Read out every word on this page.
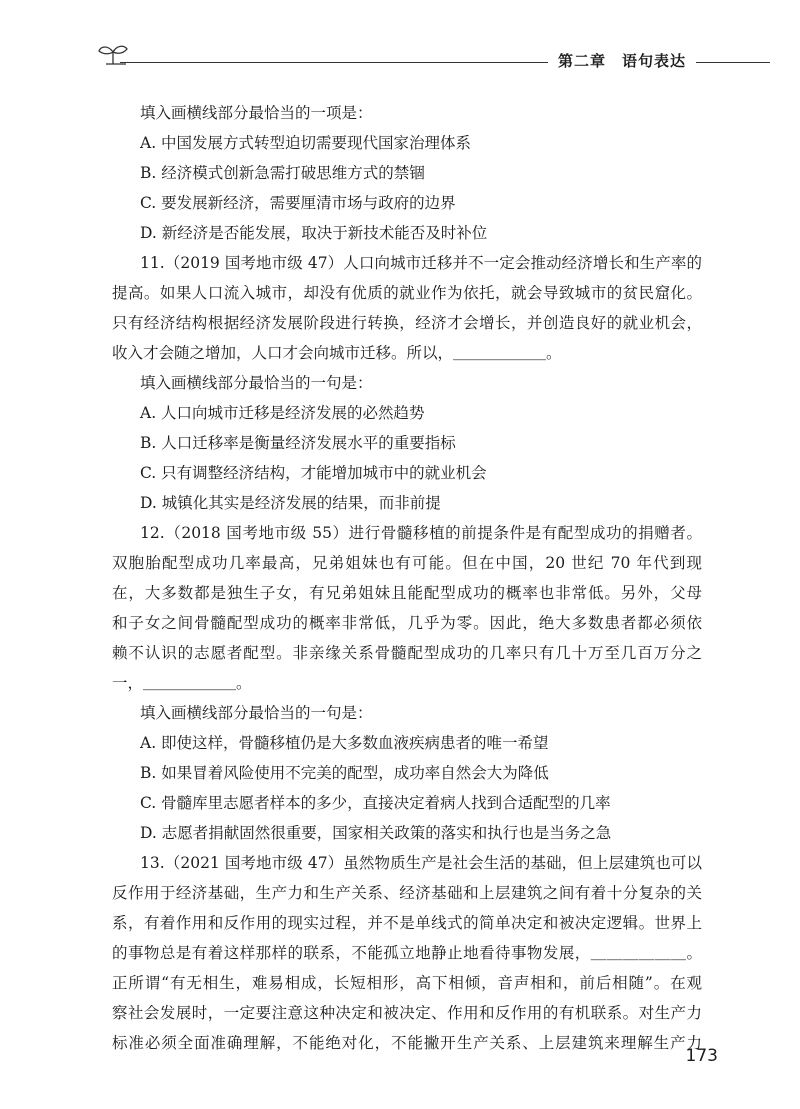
第二章　语句表达
填入画横线部分最恰当的一项是：
A. 中国发展方式转型迫切需要现代国家治理体系
B. 经济模式创新急需打破思维方式的禁锢
C. 要发展新经济，需要厘清市场与政府的边界
D. 新经济是否能发展，取决于新技术能否及时补位
11.（2019 国考地市级 47）人口向城市迁移并不一定会推动经济增长和生产率的
提高。如果人口流入城市，却没有优质的就业作为依托，就会导致城市的贫民窟化。
只有经济结构根据经济发展阶段进行转换，经济才会增长，并创造良好的就业机会，
收入才会随之增加，人口才会向城市迁移。所以，＿＿＿＿＿＿。
填入画横线部分最恰当的一句是：
A. 人口向城市迁移是经济发展的必然趋势
B. 人口迁移率是衡量经济发展水平的重要指标
C. 只有调整经济结构，才能增加城市中的就业机会
D. 城镇化其实是经济发展的结果，而非前提
12.（2018 国考地市级 55）进行骨髓移植的前提条件是有配型成功的捐赠者。
双胞胎配型成功几率最高，兄弟姐妹也有可能。但在中国，20 世纪 70 年代到现
在，大多数都是独生子女，有兄弟姐妹且能配型成功的概率也非常低。另外，父母
和子女之间骨髓配型成功的概率非常低，几乎为零。因此，绝大多数患者都必须依
赖不认识的志愿者配型。非亲缘关系骨髓配型成功的几率只有几十万至几百万分之
一，＿＿＿＿＿＿。
填入画横线部分最恰当的一句是：
A. 即使这样，骨髓移植仍是大多数血液疾病患者的唯一希望
B. 如果冒着风险使用不完美的配型，成功率自然会大为降低
C. 骨髓库里志愿者样本的多少，直接决定着病人找到合适配型的几率
D. 志愿者捐献固然很重要，国家相关政策的落实和执行也是当务之急
13.（2021 国考地市级 47）虽然物质生产是社会生活的基础，但上层建筑也可以
反作用于经济基础，生产力和生产关系、经济基础和上层建筑之间有着十分复杂的关
系，有着作用和反作用的现实过程，并不是单线式的简单决定和被决定逻辑。世界上
的事物总是有着这样那样的联系，不能孤立地静止地看待事物发展，＿＿＿＿＿＿。
正所谓“有无相生，难易相成，长短相形，高下相倾，音声相和，前后相随”。在观
察社会发展时，一定要注意这种决定和被决定、作用和反作用的有机联系。对生产力
标准必须全面准确理解，不能绝对化，不能撇开生产关系、上层建筑来理解生产力
173
